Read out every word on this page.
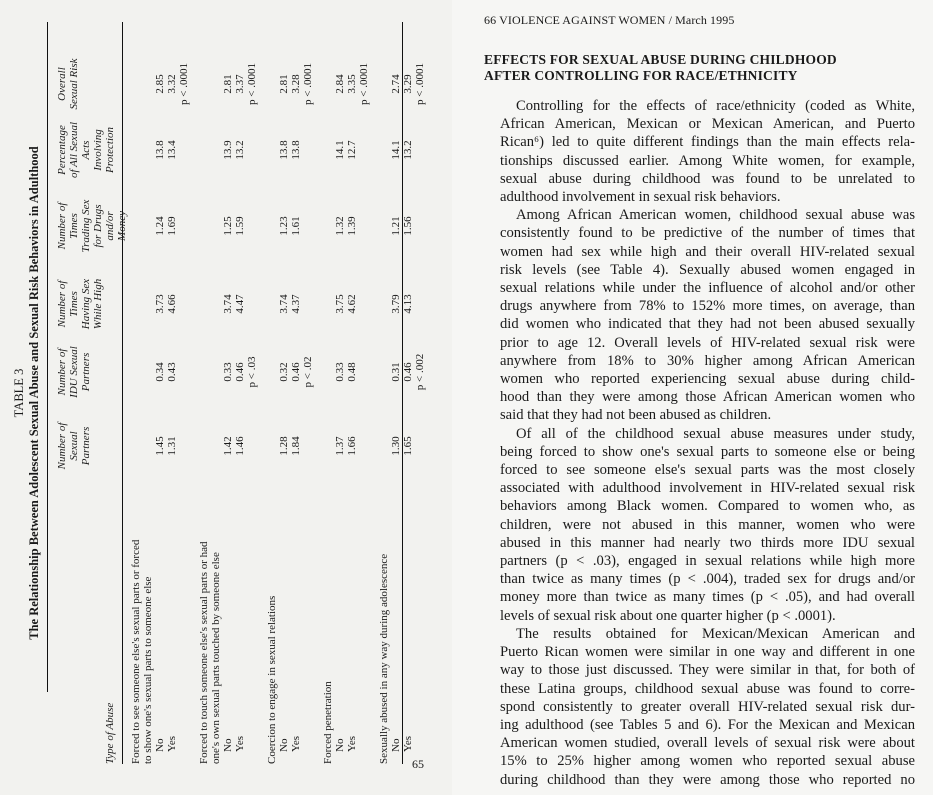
TABLE 3 The Relationship Between Adolescent Sexual Abuse and Sexual Risk Behaviors in Adulthood
Type of Abuse
Number of Sexual Partners
Number of IDU Sexual Partners
Number of Times Having Sex While High
Number of Times Trading Sex for Drugs and/or Money
Percentage of All Sexual Acts Involving Protection
Overall Sexual Risk
Forced to see someone else's sexual parts or forced to show one's sexual parts to someone else No
1.45
0.34
3.73
1.24
13.8
2.85
Yes
1.31
0.43
4.66
1.69
13.4
3.32 p < .0001
Forced to touch someone else's sexual parts or had one's own sexual parts touched by someone else No
1.42
0.33
3.74
1.25
13.9
2.81
Yes
1.46
0.46
4.47
1.59
13.2
3.37
p < .03
p < .0001
Coercion to engage in sexual relations No
1.28
0.32
3.74
1.23
13.8
2.81
Yes
1.84
0.46
4.37
1.61
13.8
3.28
p < .02
p < .0001
Forced penetration No
1.37
0.33
3.75
1.32
14.1
2.84
Yes
1.66
0.48
4.62
1.39
12.7
3.35 p < .0001
Sexually abused in any way during adolescence No
1.30
0.31
3.79
1.21
14.1
2.74
Yes
1.65
0.46
4.13
1.56
13.2
3.29
p < .002
p < .0001
65
66 VIOLENCE AGAINST WOMEN / March 1995
EFFECTS FOR SEXUAL ABUSE DURING CHILDHOOD
AFTER CONTROLLING FOR RACE/ETHNICITY
Controlling for the effects of race/ethnicity (coded as White,
African American, Mexican or Mexican American, and Puerto
Rican⁶) led to quite different findings than the main effects rela-
tionships discussed earlier. Among White women, for example,
sexual abuse during childhood was found to be unrelated to
adulthood involvement in sexual risk behaviors.
Among African American women, childhood sexual abuse was
consistently found to be predictive of the number of times that
women had sex while high and their overall HIV-related sexual
risk levels (see Table 4). Sexually abused women engaged in
sexual relations while under the influence of alcohol and/or other
drugs anywhere from 78% to 152% more times, on average, than
did women who indicated that they had not been abused sexually
prior to age 12. Overall levels of HIV-related sexual risk were
anywhere from 18% to 30% higher among African American
women who reported experiencing sexual abuse during child-
hood than they were among those African American women who
said that they had not been abused as children.
Of all of the childhood sexual abuse measures under study,
being forced to show one's sexual parts to someone else or being
forced to see someone else's sexual parts was the most closely
associated with adulthood involvement in HIV-related sexual risk
behaviors among Black women. Compared to women who, as
children, were not abused in this manner, women who were
abused in this manner had nearly two thirds more IDU sexual
partners (p < .03), engaged in sexual relations while high more
than twice as many times (p < .004), traded sex for drugs and/or
money more than twice as many times (p < .05), and had overall
levels of sexual risk about one quarter higher (p < .0001).
The results obtained for Mexican/Mexican American and
Puerto Rican women were similar in one way and different in one
way to those just discussed. They were similar in that, for both of
these Latina groups, childhood sexual abuse was found to corre-
spond consistently to greater overall HIV-related sexual risk dur-
ing adulthood (see Tables 5 and 6). For the Mexican and Mexican
American women studied, overall levels of sexual risk were about
15% to 25% higher among women who reported sexual abuse
during childhood than they were among those who reported no
